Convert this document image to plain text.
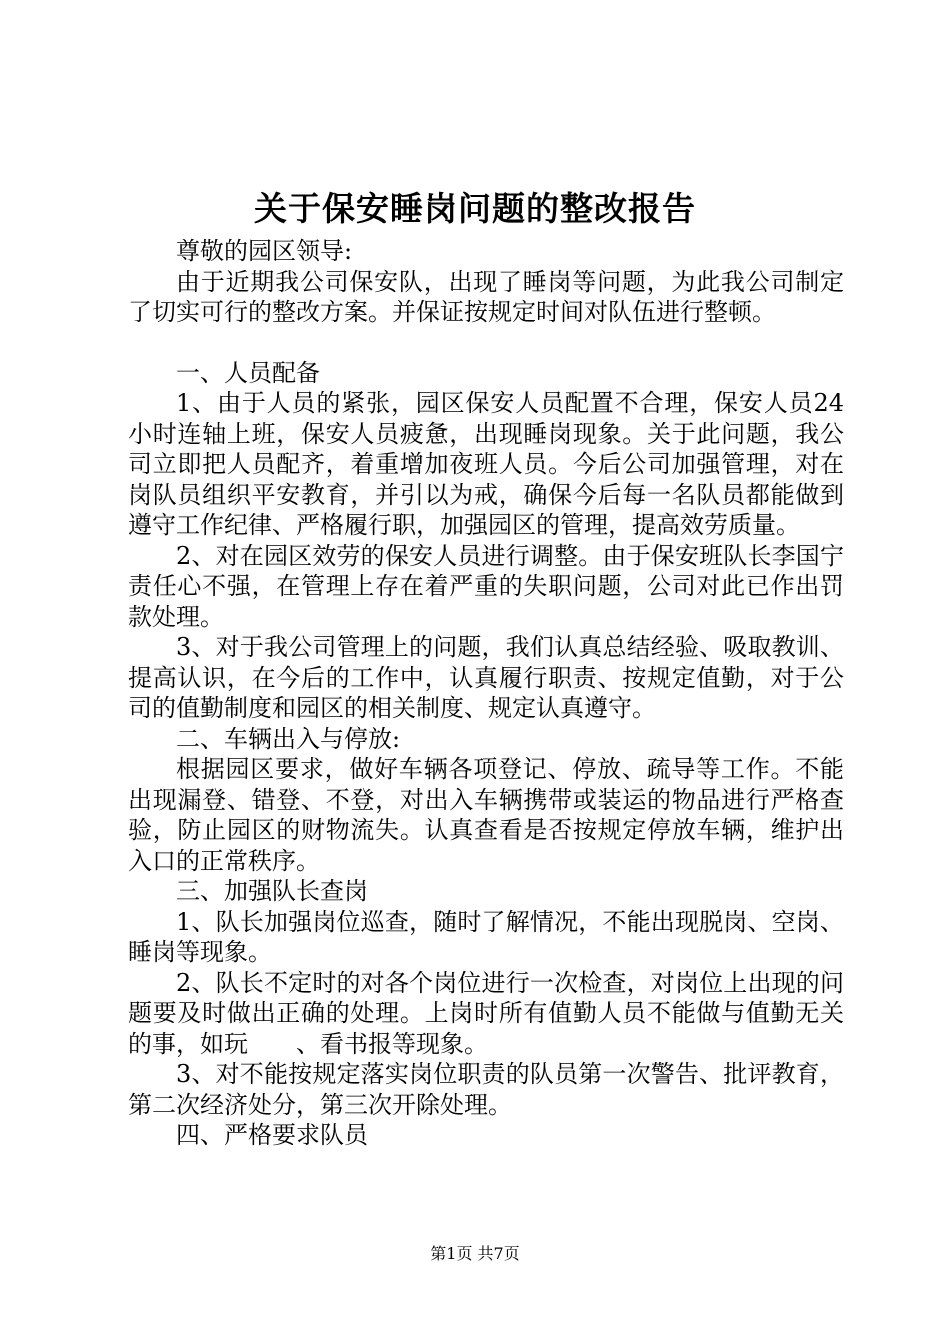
关于保安睡岗问题的整改报告

尊敬的园区领导:

由于近期我公司保安队，出现了睡岗等问题，为此我公司制定了切实可行的整改方案。并保证按规定时间对队伍进行整顿。

一、人员配备

1、由于人员的紧张，园区保安人员配置不合理，保安人员24小时连轴上班，保安人员疲惫，出现睡岗现象。关于此问题，我公司立即把人员配齐，着重增加夜班人员。今后公司加强管理，对在岗队员组织平安教育，并引以为戒，确保今后每一名队员都能做到遵守工作纪律、严格履行职，加强园区的管理，提高效劳质量。

2、对在园区效劳的保安人员进行调整。由于保安班队长李国宁责任心不强，在管理上存在着严重的失职问题，公司对此已作出罚款处理。

3、对于我公司管理上的问题，我们认真总结经验、吸取教训、提高认识，在今后的工作中，认真履行职责、按规定值勤，对于公司的值勤制度和园区的相关制度、规定认真遵守。

二、车辆出入与停放:

根据园区要求，做好车辆各项登记、停放、疏导等工作。不能出现漏登、错登、不登，对出入车辆携带或装运的物品进行严格查验，防止园区的财物流失。认真查看是否按规定停放车辆，维护出入口的正常秩序。

三、加强队长查岗

1、队长加强岗位巡查，随时了解情况，不能出现脱岗、空岗、睡岗等现象。

2、队长不定时的对各个岗位进行一次检查，对岗位上出现的问题要及时做出正确的处理。上岗时所有值勤人员不能做与值勤无关的事，如玩　　、看书报等现象。

3、对不能按规定落实岗位职责的队员第一次警告、批评教育，第二次经济处分，第三次开除处理。

四、严格要求队员

第1页 共7页
